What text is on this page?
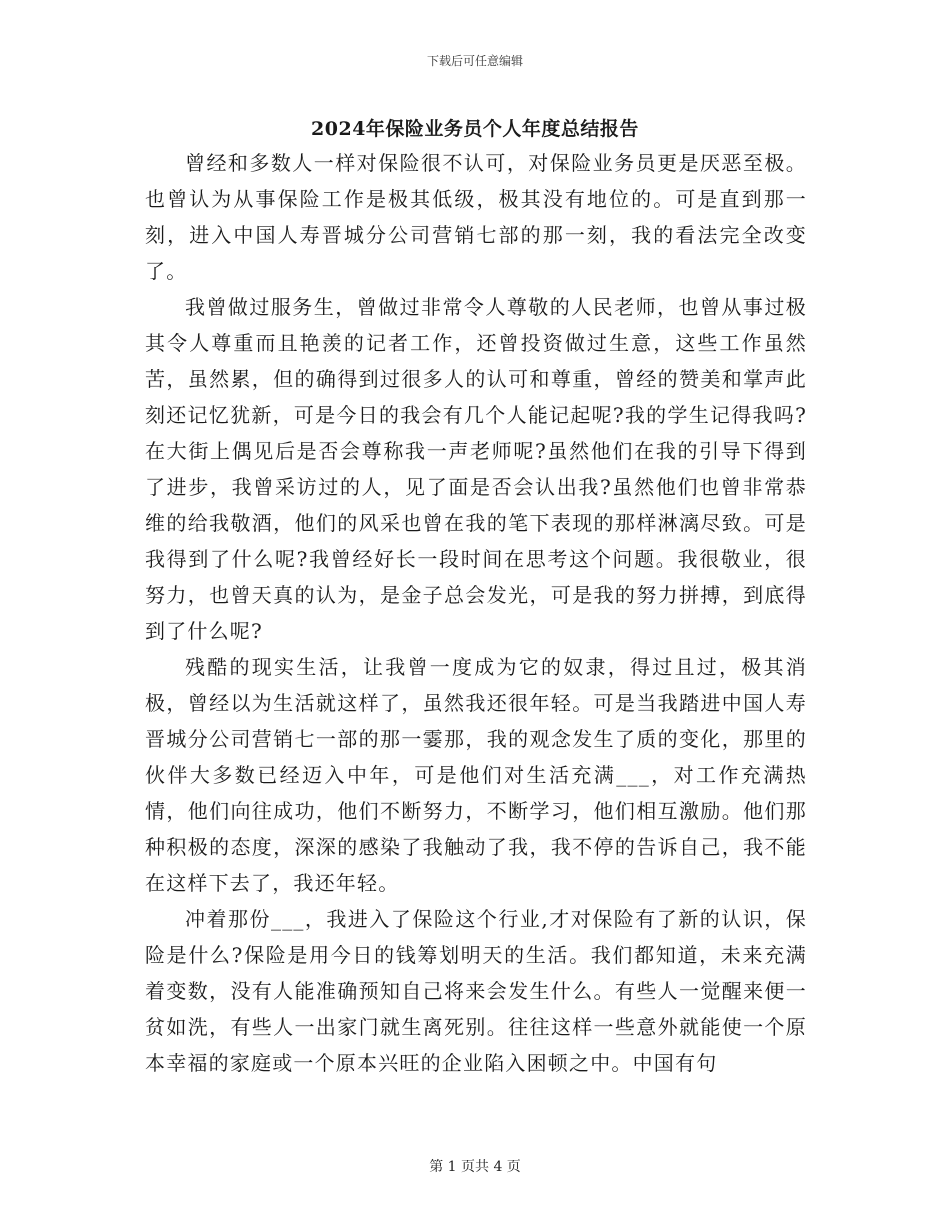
下载后可任意编辑
2024年保险业务员个人年度总结报告

曾经和多数人一样对保险很不认可，对保险业务员更是厌恶至极。也曾认为从事保险工作是极其低级，极其没有地位的。可是直到那一刻，进入中国人寿晋城分公司营销七部的那一刻，我的看法完全改变了。

我曾做过服务生，曾做过非常令人尊敬的人民老师，也曾从事过极其令人尊重而且艳羡的记者工作，还曾投资做过生意，这些工作虽然苦，虽然累，但的确得到过很多人的认可和尊重，曾经的赞美和掌声此刻还记忆犹新，可是今日的我会有几个人能记起呢?我的学生记得我吗?在大街上偶见后是否会尊称我一声老师呢?虽然他们在我的引导下得到了进步，我曾采访过的人，见了面是否会认出我?虽然他们也曾非常恭维的给我敬酒，他们的风采也曾在我的笔下表现的那样淋漓尽致。可是我得到了什么呢?我曾经好长一段时间在思考这个问题。我很敬业，很努力，也曾天真的认为，是金子总会发光，可是我的努力拼搏，到底得到了什么呢?

残酷的现实生活，让我曾一度成为它的奴隶，得过且过，极其消极，曾经以为生活就这样了，虽然我还很年轻。可是当我踏进中国人寿晋城分公司营销七一部的那一霎那，我的观念发生了质的变化，那里的伙伴大多数已经迈入中年，可是他们对生活充满___，对工作充满热情，他们向往成功，他们不断努力，不断学习，他们相互激励。他们那种积极的态度，深深的感染了我触动了我，我不停的告诉自己，我不能在这样下去了，我还年轻。

冲着那份___，我进入了保险这个行业,才对保险有了新的认识，保险是什么?保险是用今日的钱筹划明天的生活。我们都知道，未来充满着变数，没有人能准确预知自己将来会发生什么。有些人一觉醒来便一贫如洗，有些人一出家门就生离死别。往往这样一些意外就能使一个原本幸福的家庭或一个原本兴旺的企业陷入困顿之中。中国有句

第 1 页共 4 页
